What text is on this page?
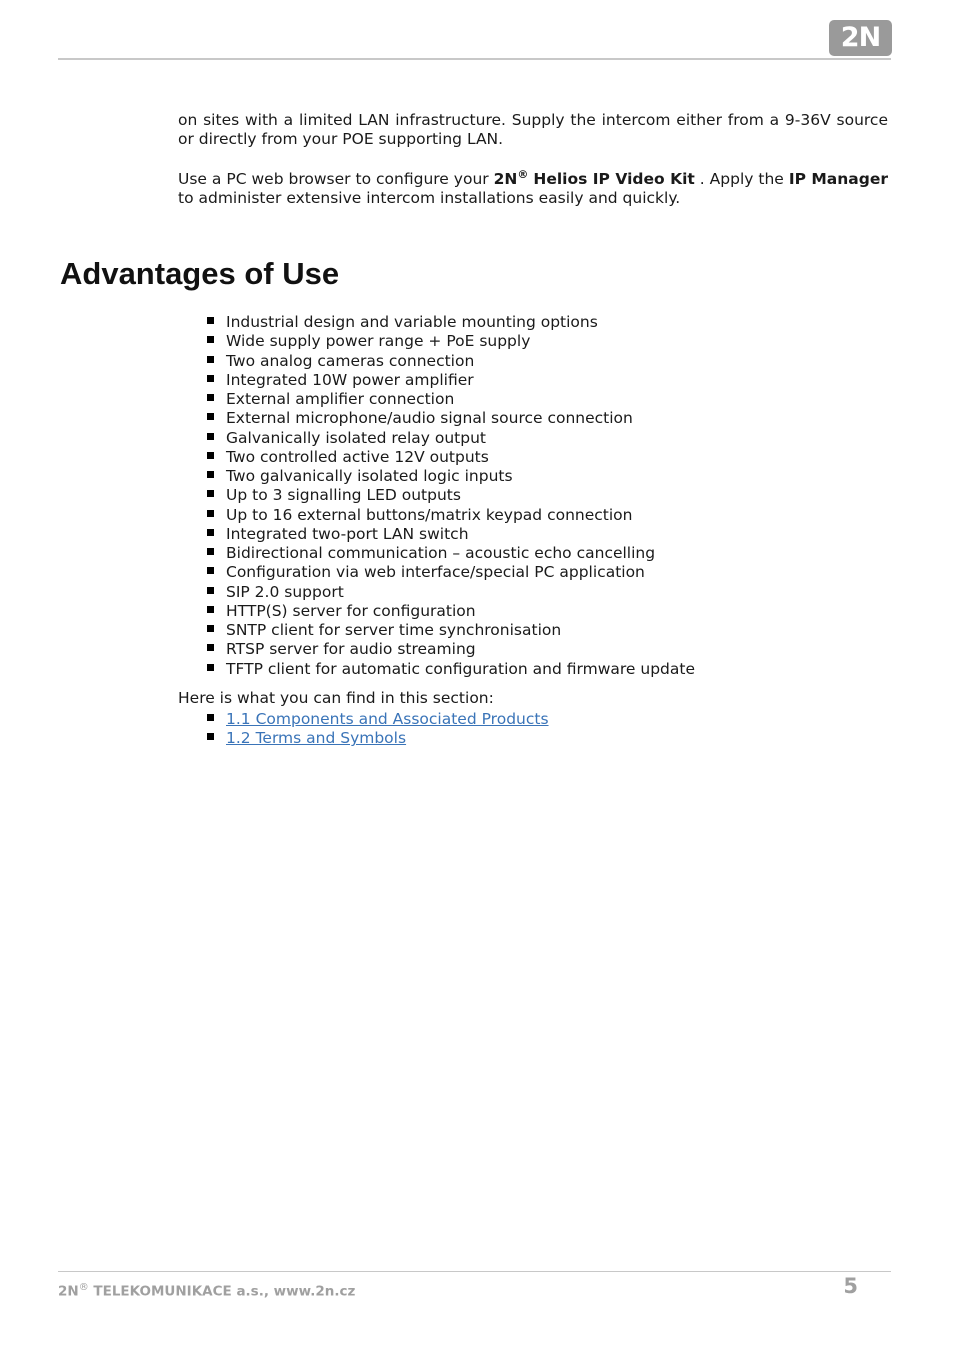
2N

on sites with a limited LAN infrastructure. Supply the intercom either from a 9-36V source or directly from your POE supporting LAN.

Use a PC web browser to configure your 2N® Helios IP Video Kit . Apply the IP Manager to administer extensive intercom installations easily and quickly.

Advantages of Use
Industrial design and variable mounting options
Wide supply power range + PoE supply
Two analog cameras connection
Integrated 10W power amplifier
External amplifier connection
External microphone/audio signal source connection
Galvanically isolated relay output
Two controlled active 12V outputs
Two galvanically isolated logic inputs
Up to 3 signalling LED outputs
Up to 16 external buttons/matrix keypad connection
Integrated two-port LAN switch
Bidirectional communication – acoustic echo cancelling
Configuration via web interface/special PC application
SIP 2.0 support
HTTP(S) server for configuration
SNTP client for server time synchronisation
RTSP server for audio streaming
TFTP client for automatic configuration and firmware update

Here is what you can find in this section:

1.1 Components and Associated Products
1.2 Terms and Symbols

2N® TELEKOMUNIKACE a.s., www.2n.cz	5
